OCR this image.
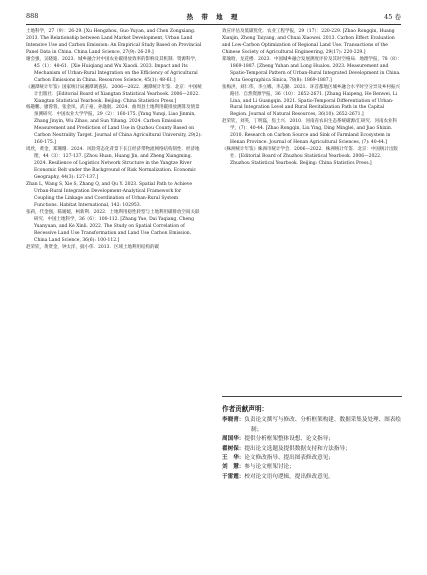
888	热 带 地 理	45 卷

土地科学，27（9）：26-29. [Xu Hengzhou, Guo Yuyan, and Chen Zongxiang. 2013. The Relationship between Land Market Development, Urban Land Intensive Use and Carbon Emission: An Empirical Study Based on Provincial Panel Data in China. China Land Science, 27(9): 26-29.]

谢会强，吴晓迪．2023．城乡融合对中国农业碳排放效率的影响及其机制．资源科学，45（1）：48-61．[Xie Huiqiang and Wu Xiaodi. 2023. Impact and Its Mechanism of Urban-Rural Integration on the Efficiency of Agricultural Carbon Emissions in China. Resources Science, 45(1): 48-61.]

《湘潭统计年鉴》国家统计局湘潭调查队．2006—2022．湘潭统计年鉴．北京：中国统计出版社．[Editorial Board of Xiangtan Statistical Yearbook. 2006—2022. Xiangtan Statistical Yearbook. Beijing: China Statistics Press.]

杨趣鹏，廖蓉蓉，张金凤，武子豪，孙逸航．2024．曲周县土地利用碳排放测算及情景预测研究．中国农业大学学报，29（2）：160-175. [Yang Yunqi, Liao Jinmin, Zhang Jinyin, Wu Zihao, and Sun Yihang. 2024. Carbon Emission Measurement and Prediction of Land Use in Quzhou County Based on Carbon Neutrality Target. Journal of China Agricultural University, 29(2): 160-175.]

周欣，黄金，郑珊珊．2024．风险常态化背景下长江经济带物流网络结构韧性．经济地理，44（3）：127-137. [Zhou Huan, Huang Jin, and Zheng Xiangming. 2024. Resilience of Logistics Network Structure in the Yangtze River Economic Belt under the Background of Risk Normalization. Economic Geography, 44(3): 127-137.]

Zhan L, Wang S, Xie S, Zhang Q, and Qu Y. 2023. Spatial Path to Achieve Urban-Rural Integration Development-Analytical Framework for Coupling the Linkage and Coordination of Urban-Rural System Functions. Habitat International, 142: 102953.

张莉，代金强，陈媛媛，柯新利．2022．土地利用稳性转型与土地利用碳排放空间关联研究．中国土地科学，36（6）：100-112. [Zhang Yue, Dai Yaqiang, Cheng Yuanyuan, and Ke Xinli. 2022. The Study on Spatial Correlation of Recessive Land Use Transformation and Land Use Carbon Emission. China Land Science, 36(6): 100-112.]

赵荣钦，黄贤金，钟太洋，揣小伟．2013．区域土地利用结构的碳

效应评估及低碳优化．农业工程学报，29（17）：220-229. [Zhao Rongqin, Huang Xianjin, Zhong Taiyang, and Chuai Xiaowei. 2013. Carbon Effect Evaluation and Low-Carbon Optimization of Regional Land Use. Transactions of the Chinese Society of Agricultural Engineering, 29(17): 220-229.]

郑瑜晗，龙花楼．2023．中国城乡融合发展测度评价及其时空格局．地理学报，78（8）：1869-1887. [Zheng Yuhan and Long Hualou. 2023. Measurement and Spatio-Temporal Pattern of Urban-Rural Integrated Development in China. Acta Geographica Sinica, 78(8): 1869-1887.]

张梅洪，刘仁伟，李立娜，李志勤．2021．环首都地区城乡融合水平时空分异及乡村振兴路径．自然资源学报，36（10）：2652-2671. [Zhang Haipeng, He Renwei, Li Lina, and Li Guangqin. 2021. Spatio-Temporal Differentiation of Urban-Rural Integration Level and Rural Revitalization Path in the Capital Region. Journal of Natural Resources, 36(10): 2652-2671.]

赵荣钦，刘英，丁明磊，焦士兴．2010．河南省农田生态系统碳源/汇研究．河南农业科学，(7)：40-44. [Zhao Rongqin, Liu Ying, Ding Minglei, and Jiao Shixin. 2010. Research on Carbon Source and Sink of Farmland Ecosystem in Henan Province. Journal of Henan Agricultural Sciences, (7): 40-44.]

《株洲统计年鉴》株洲市统计学会．2006—2022．株洲统计年鉴．北京：中国统计出版社．[Editorial Board of Zhuzhou Statistical Yearbook. 2006—2022. Zhuzhou Statistical Yearbook. Beijing: China Statistics Press.]

作者贡献声明：
李晓青：负责论文撰写与修改、分析框架构建、数据采集及处理、图表绘制；
周国华：提供分析框架整体设想、论文指导；
翟树保：提出论文选题及提供数据支持和方法指导；
王　华：论文修改指导、提出图表修改意见；
刘　慧：参与论文框架讨论；
于雷霆：校对论文语句逻辑，提出修改意见。
